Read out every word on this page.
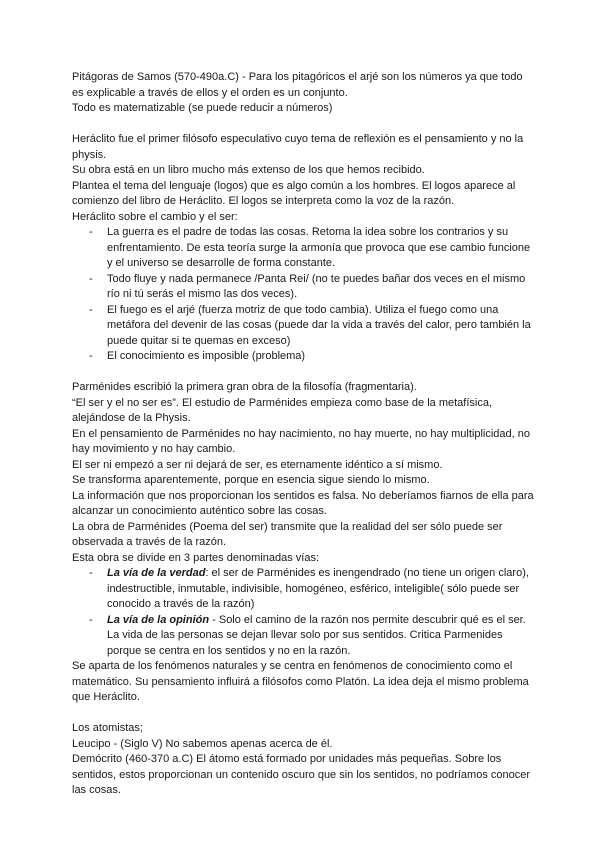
Pitágoras de Samos (570-490a.C) - Para los pitagóricos el arjé son los números ya que todo es explicable a través de ellos y el orden es un conjunto.

Todo es matematizable (se puede reducir a números)

Heráclito fue el primer filósofo especulativo cuyo tema de reflexión es el pensamiento y no la physis.

Su obra está en un libro mucho más extenso de los que hemos recibido.

Plantea el tema del lenguaje (logos) que es algo común a los hombres. El logos aparece al comienzo del libro de Heráclito. El logos se interpreta como la voz de la razón.

Heráclito sobre el cambio y el ser:

- La guerra es el padre de todas las cosas. Retoma la idea sobre los contrarios y su enfrentamiento. De esta teoría surge la armonía que provoca que ese cambio funcione y el universo se desarrolle de forma constante.
- Todo fluye y nada permanece /Panta Rei/ (no te puedes bañar dos veces en el mismo río ni tú serás el mismo las dos veces).
- El fuego es el arjé (fuerza motriz de que todo cambia). Utiliza el fuego como una metáfora del devenir de las cosas (puede dar la vida a través del calor, pero también la puede quitar si te quemas en exceso)
- El conocimiento es imposible (problema)

Parménides escribió la primera gran obra de la filosofía (fragmentaria).

“El ser y el no ser es”. El estudio de Parménides empieza como base de la metafísica, alejándose de la Physis.

En el pensamiento de Parménides no hay nacimiento, no hay muerte, no hay multiplicidad, no hay movimiento y no hay cambio.

El ser ni empezó a ser ni dejará de ser, es eternamente idéntico a sí mismo.

Se transforma aparentemente, porque en esencia sigue siendo lo mismo.

La información que nos proporcionan los sentidos es falsa. No deberíamos fiarnos de ella para alcanzar un conocimiento auténtico sobre las cosas.

La obra de Parménides (Poema del ser) transmite que la realidad del ser sólo puede ser observada a través de la razón.

Esta obra se divide en 3 partes denominadas vías:

- La vía de la verdad: el ser de Parménides es inengendrado (no tiene un origen claro), indestructible, inmutable, indivisible, homogéneo, esférico, inteligible( sólo puede ser conocido a través de la razón)
- La vía de la opinión - Solo el camino de la razón nos permite descubrir qué es el ser. La vida de las personas se dejan llevar solo por sus sentidos. Critica Parmenides porque se centra en los sentidos y no en la razón.

Se aparta de los fenómenos naturales y se centra en fenómenos de conocimiento como el matemático. Su pensamiento influirá a filósofos como Platón. La idea deja el mismo problema que Heráclito.

Los atomistas;

Leucipo - (Siglo V) No sabemos apenas acerca de él.

Demócrito (460-370 a.C) El átomo está formado por unidades más pequeñas. Sobre los sentidos, estos proporcionan un contenido oscuro que sin los sentidos, no podríamos conocer las cosas.
